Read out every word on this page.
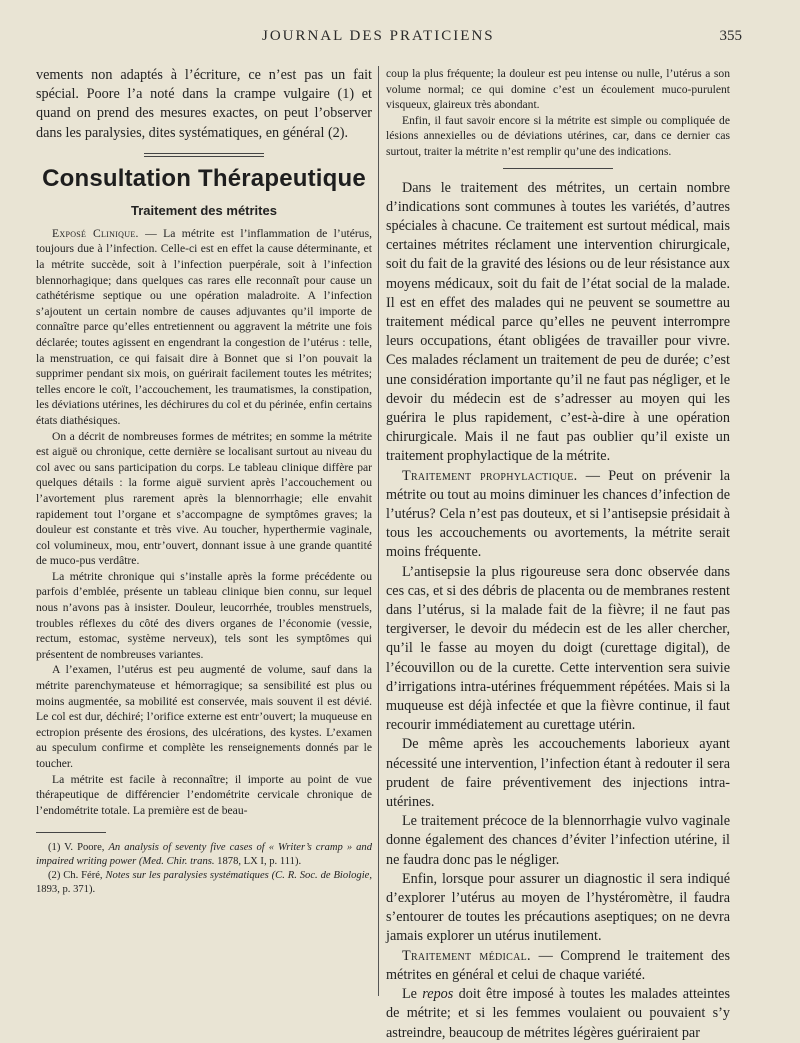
JOURNAL DES PRATICIENS	355

vements non adaptés à l’écriture, ce n’est pas un fait spécial. Poore l’a noté dans la crampe vulgaire (1) et quand on prend des mesures exactes, on peut l’observer dans les paralysies, dites systématiques, en général (2).

Consultation Thérapeutique
Traitement des métrites

Exposé Clinique. — La métrite est l’inflammation de l’utérus, toujours due à l’infection. Celle-ci est en effet la cause déterminante, et la métrite succède, soit à l’infection puerpérale, soit à l’infection blennorhagique; dans quelques cas rares elle reconnaît pour cause un cathétérisme septique ou une opération maladroite. A l’infection s’ajoutent un certain nombre de causes adjuvantes qu’il importe de connaître parce qu’elles entretiennent ou aggravent la métrite une fois déclarée; toutes agissent en engendrant la congestion de l’utérus : telle, la menstruation, ce qui faisait dire à Bonnet que si l’on pouvait la supprimer pendant six mois, on guérirait facilement toutes les métrites; telles encore le coït, l’accouchement, les traumatismes, la constipation, les déviations utérines, les déchirures du col et du périnée, enfin certains états diathésiques.

On a décrit de nombreuses formes de métrites; en somme la métrite est aiguë ou chronique, cette dernière se localisant surtout au niveau du col avec ou sans participation du corps. Le tableau clinique diffère par quelques détails : la forme aiguë survient après l’accouchement ou l’avortement plus rarement après la blennorrhagie; elle envahit rapidement tout l’organe et s’accompagne de symptômes graves; la douleur est constante et très vive. Au toucher, hyperthermie vaginale, col volumineux, mou, entr’ouvert, donnant issue à une grande quantité de muco-pus verdâtre.

La métrite chronique qui s’installe après la forme précédente ou parfois d’emblée, présente un tableau clinique bien connu, sur lequel nous n’avons pas à insister. Douleur, leucorrhée, troubles menstruels, troubles réflexes du côté des divers organes de l’économie (vessie, rectum, estomac, système nerveux), tels sont les symptômes qui présentent de nombreuses variantes.

A l’examen, l’utérus est peu augmenté de volume, sauf dans la métrite parenchymateuse et hémorragique; sa sensibilité est plus ou moins augmentée, sa mobilité est conservée, mais souvent il est dévié. Le col est dur, déchiré; l’orifice externe est entr’ouvert; la muqueuse en ectropion présente des érosions, des ulcérations, des kystes. L’examen au speculum confirme et complète les renseignements donnés par le toucher.

La métrite est facile à reconnaître; il importe au point de vue thérapeutique de différencier l’endométrite cervicale chronique de l’endométrite totale. La première est de beau-

(1) V. Poore, An analysis of seventy five cases of « Writer’s cramp » and impaired writing power (Med. Chir. trans. 1878, LX I, p. 111).

(2) Ch. Féré, Notes sur les paralysies systématiques (C. R. Soc. de Biologie, 1893, p. 371).

coup la plus fréquente; la douleur est peu intense ou nulle, l’utérus a son volume normal; ce qui domine c’est un écoulement muco-purulent visqueux, glaireux très abondant.

Enfin, il faut savoir encore si la métrite est simple ou compliquée de lésions annexielles ou de déviations utérines, car, dans ce dernier cas surtout, traiter la métrite n’est remplir qu’une des indications.

Dans le traitement des métrites, un certain nombre d’indications sont communes à toutes les variétés, d’autres spéciales à chacune. Ce traitement est surtout médical, mais certaines métrites réclament une intervention chirurgicale, soit du fait de la gravité des lésions ou de leur résistance aux moyens médicaux, soit du fait de l’état social de la malade. Il est en effet des malades qui ne peuvent se soumettre au traitement médical parce qu’elles ne peuvent interrompre leurs occupations, étant obligées de travailler pour vivre. Ces malades réclament un traitement de peu de durée; c’est une considération importante qu’il ne faut pas négliger, et le devoir du médecin est de s’adresser au moyen qui les guérira le plus rapidement, c’est-à-dire à une opération chirurgicale. Mais il ne faut pas oublier qu’il existe un traitement prophylactique de la métrite.

Traitement prophylactique. — Peut on prévenir la métrite ou tout au moins diminuer les chances d’infection de l’utérus? Cela n’est pas douteux, et si l’antisepsie présidait à tous les accouchements ou avortements, la métrite serait moins fréquente.

L’antisepsie la plus rigoureuse sera donc observée dans ces cas, et si des débris de placenta ou de membranes restent dans l’utérus, si la malade fait de la fièvre; il ne faut pas tergiverser, le devoir du médecin est de les aller chercher, qu’il le fasse au moyen du doigt (curettage digital), de l’écouvillon ou de la curette. Cette intervention sera suivie d’irrigations intra-utérines fréquemment répétées. Mais si la muqueuse est déjà infectée et que la fièvre continue, il faut recourir immédiatement au curettage utérin.

De même après les accouchements laborieux ayant nécessité une intervention, l’infection étant à redouter il sera prudent de faire préventivement des injections intra-utérines.

Le traitement précoce de la blennorrhagie vulvo vaginale donne également des chances d’éviter l’infection utérine, il ne faudra donc pas le négliger.

Enfin, lorsque pour assurer un diagnostic il sera indiqué d’explorer l’utérus au moyen de l’hystéromètre, il faudra s’entourer de toutes les précautions aseptiques; on ne devra jamais explorer un utérus inutilement.

Traitement médical. — Comprend le traitement des métrites en général et celui de chaque variété.

Le repos doit être imposé à toutes les malades atteintes de métrite; et si les femmes voulaient ou pouvaient s’y astreindre, beaucoup de métrites légères guériraient par
